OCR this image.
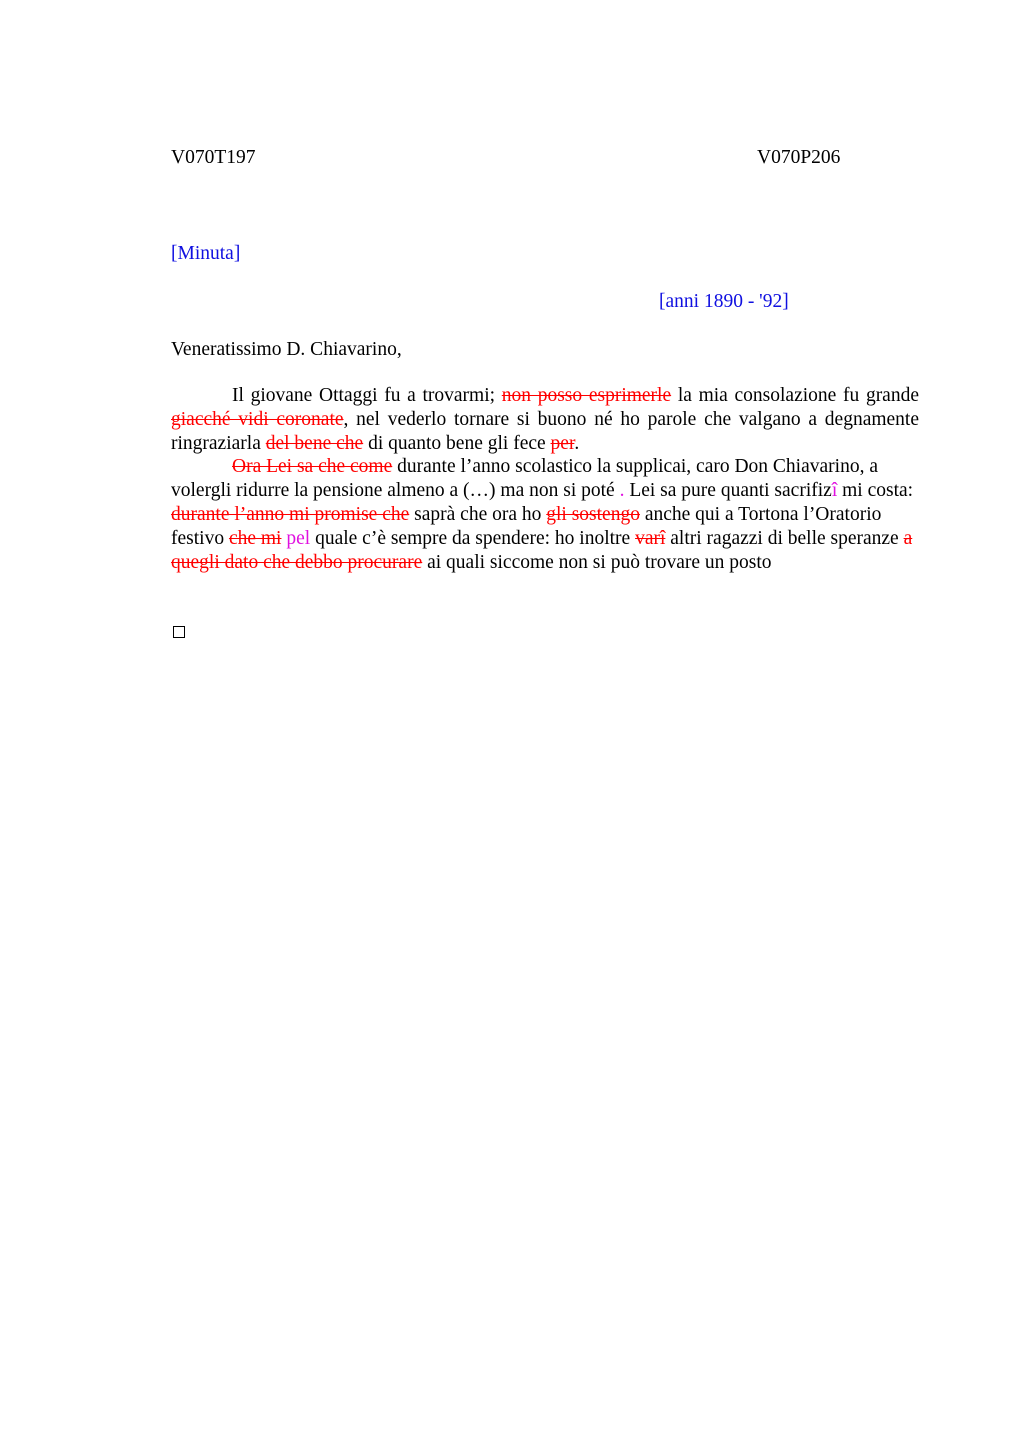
V070T197	V070P206
[Minuta]
[anni 1890 - '92]
Veneratissimo D. Chiavarino,

Il giovane Ottaggi fu a trovarmi; non posso esprimerle la mia consolazione fu grande giacché vidi coronate, nel vederlo tornare si buono né ho parole che valgano a degnamente ringraziarla del bene che di quanto bene gli fece per.

Ora Lei sa che come durante l’anno scolastico la supplicai, caro Don Chiavarino, a volergli ridurre la pensione almeno a (…) ma non si poté . Lei sa pure quanti sacrifizî mi costa: durante l’anno mi promise che saprà che ora ho gli sostengo anche qui a Tortona l’Oratorio festivo che mi pel quale c’è sempre da spendere: ho inoltre varî altri ragazzi di belle speranze a quegli dato che debbo procurare ai quali siccome non si può trovare un posto
